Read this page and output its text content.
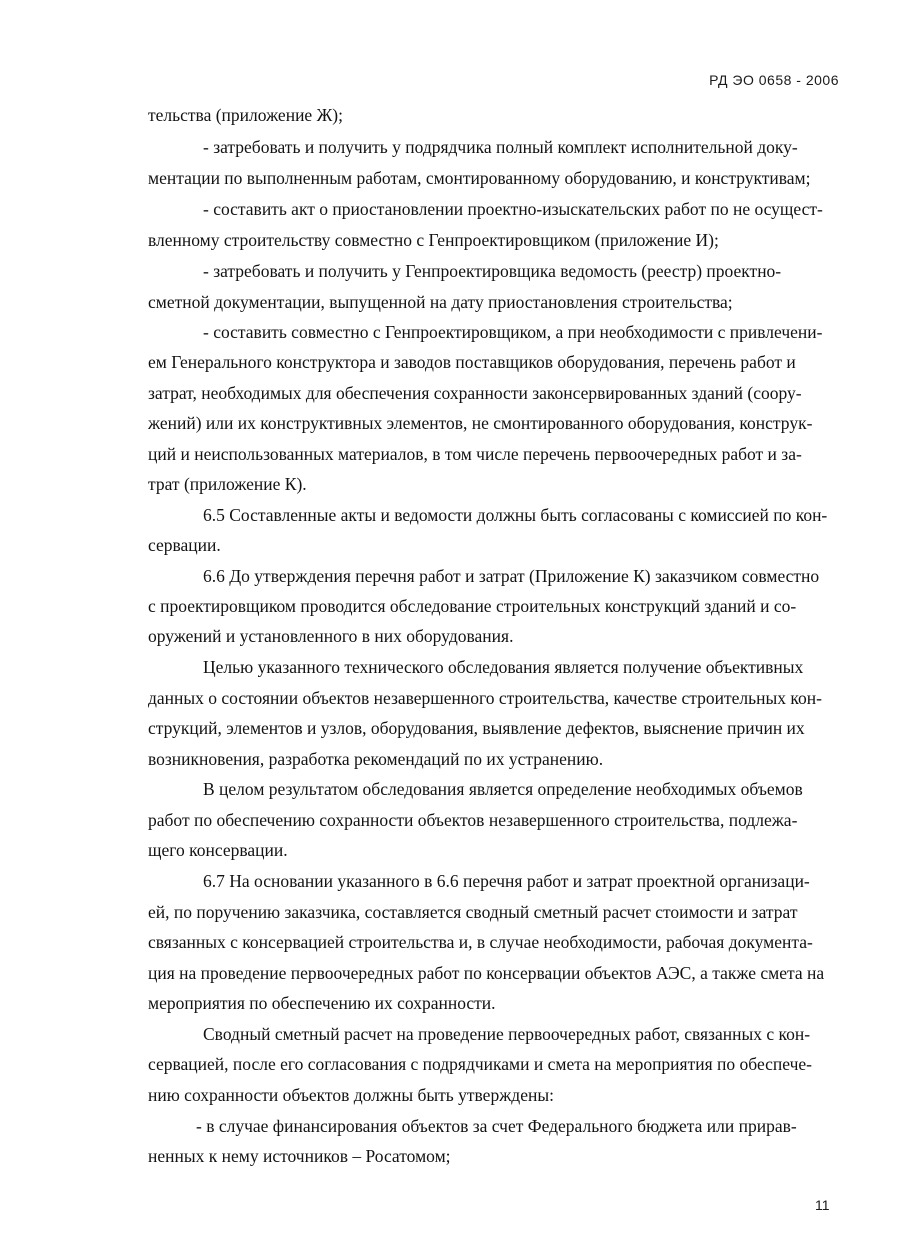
РД ЭО 0658 - 2006
тельства (приложение Ж);
- затребовать и получить у подрядчика полный комплект исполнительной доку-
ментации по выполненным работам, смонтированному оборудованию, и конструктивам;
- составить акт о приостановлении проектно-изыскательских работ по не осущест-
вленному строительству совместно с Генпроектировщиком (приложение И);
- затребовать и получить у Генпроектировщика ведомость (реестр) проектно-
сметной документации, выпущенной на дату приостановления строительства;
- составить совместно с Генпроектировщиком, а при необходимости с привлечени-
ем Генерального конструктора и заводов поставщиков оборудования, перечень работ и
затрат, необходимых для обеспечения сохранности законсервированных зданий (соору-
жений) или их конструктивных элементов, не смонтированного оборудования, конструк-
ций и неиспользованных материалов, в том числе перечень первоочередных работ и за-
трат (приложение К).
6.5 Составленные акты и ведомости должны быть согласованы с комиссией по кон-
сервации.
6.6 До утверждения перечня работ и затрат (Приложение К) заказчиком совместно
с проектировщиком проводится обследование строительных конструкций зданий и со-
оружений и установленного в них оборудования.
Целью указанного технического обследования является получение объективных
данных о состоянии объектов незавершенного строительства, качестве строительных кон-
струкций, элементов и узлов, оборудования, выявление дефектов, выяснение причин их
возникновения, разработка рекомендаций по их устранению.
В целом результатом обследования является определение необходимых объемов
работ по обеспечению сохранности объектов незавершенного строительства, подлежа-
щего консервации.
6.7 На основании указанного в 6.6 перечня работ и затрат проектной организаци-
ей, по поручению заказчика, составляется сводный сметный расчет стоимости и затрат
связанных с консервацией строительства и, в случае необходимости, рабочая документа-
ция на проведение первоочередных работ по консервации объектов АЭС, а также смета на
мероприятия по обеспечению их сохранности.
Сводный сметный расчет на проведение первоочередных работ, связанных с кон-
сервацией, после его согласования с подрядчиками и смета на мероприятия по обеспече-
нию сохранности объектов должны быть утверждены:
- в случае финансирования объектов за счет Федерального бюджета или прирав-
ненных к нему источников – Росатомом;
11
